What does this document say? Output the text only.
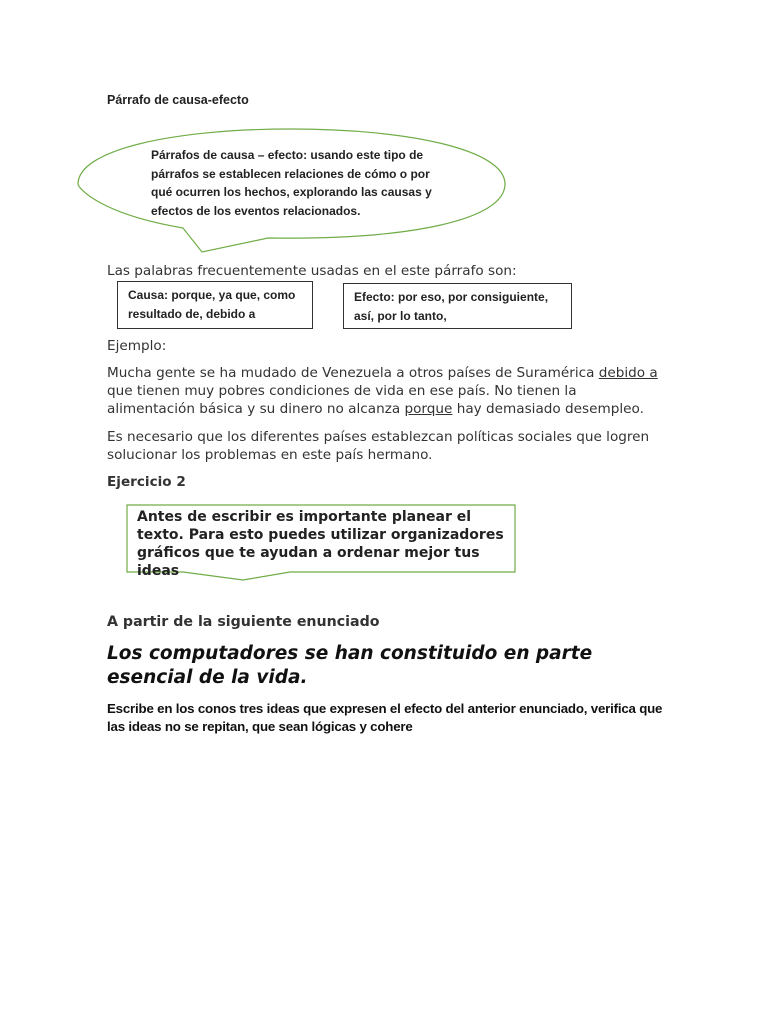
Párrafo de causa-efecto
Párrafos de causa – efecto: usando este tipo de párrafos se establecen relaciones de cómo o por qué ocurren los hechos, explorando las causas y efectos de los eventos relacionados.
Las palabras frecuentemente usadas en el este párrafo son:
Causa: porque, ya que, como resultado de, debido a
Efecto: por eso, por consiguiente, así, por lo tanto,
Ejemplo:
Mucha gente se ha mudado de Venezuela a otros países de Suramérica debido a que tienen muy pobres condiciones de vida en ese país. No tienen la alimentación básica y su dinero no alcanza porque hay demasiado desempleo.
Es necesario que los diferentes países establezcan políticas sociales que logren solucionar los problemas en este país hermano.
Ejercicio 2
Antes de escribir es importante planear el texto. Para esto puedes utilizar organizadores gráficos que te ayudan a ordenar mejor tus ideas
A partir de la siguiente enunciado
Los computadores se han constituido en parte esencial de la vida.
Escribe en los conos tres ideas que expresen el efecto del anterior enunciado, verifica que las ideas no se repitan, que sean lógicas y cohere
